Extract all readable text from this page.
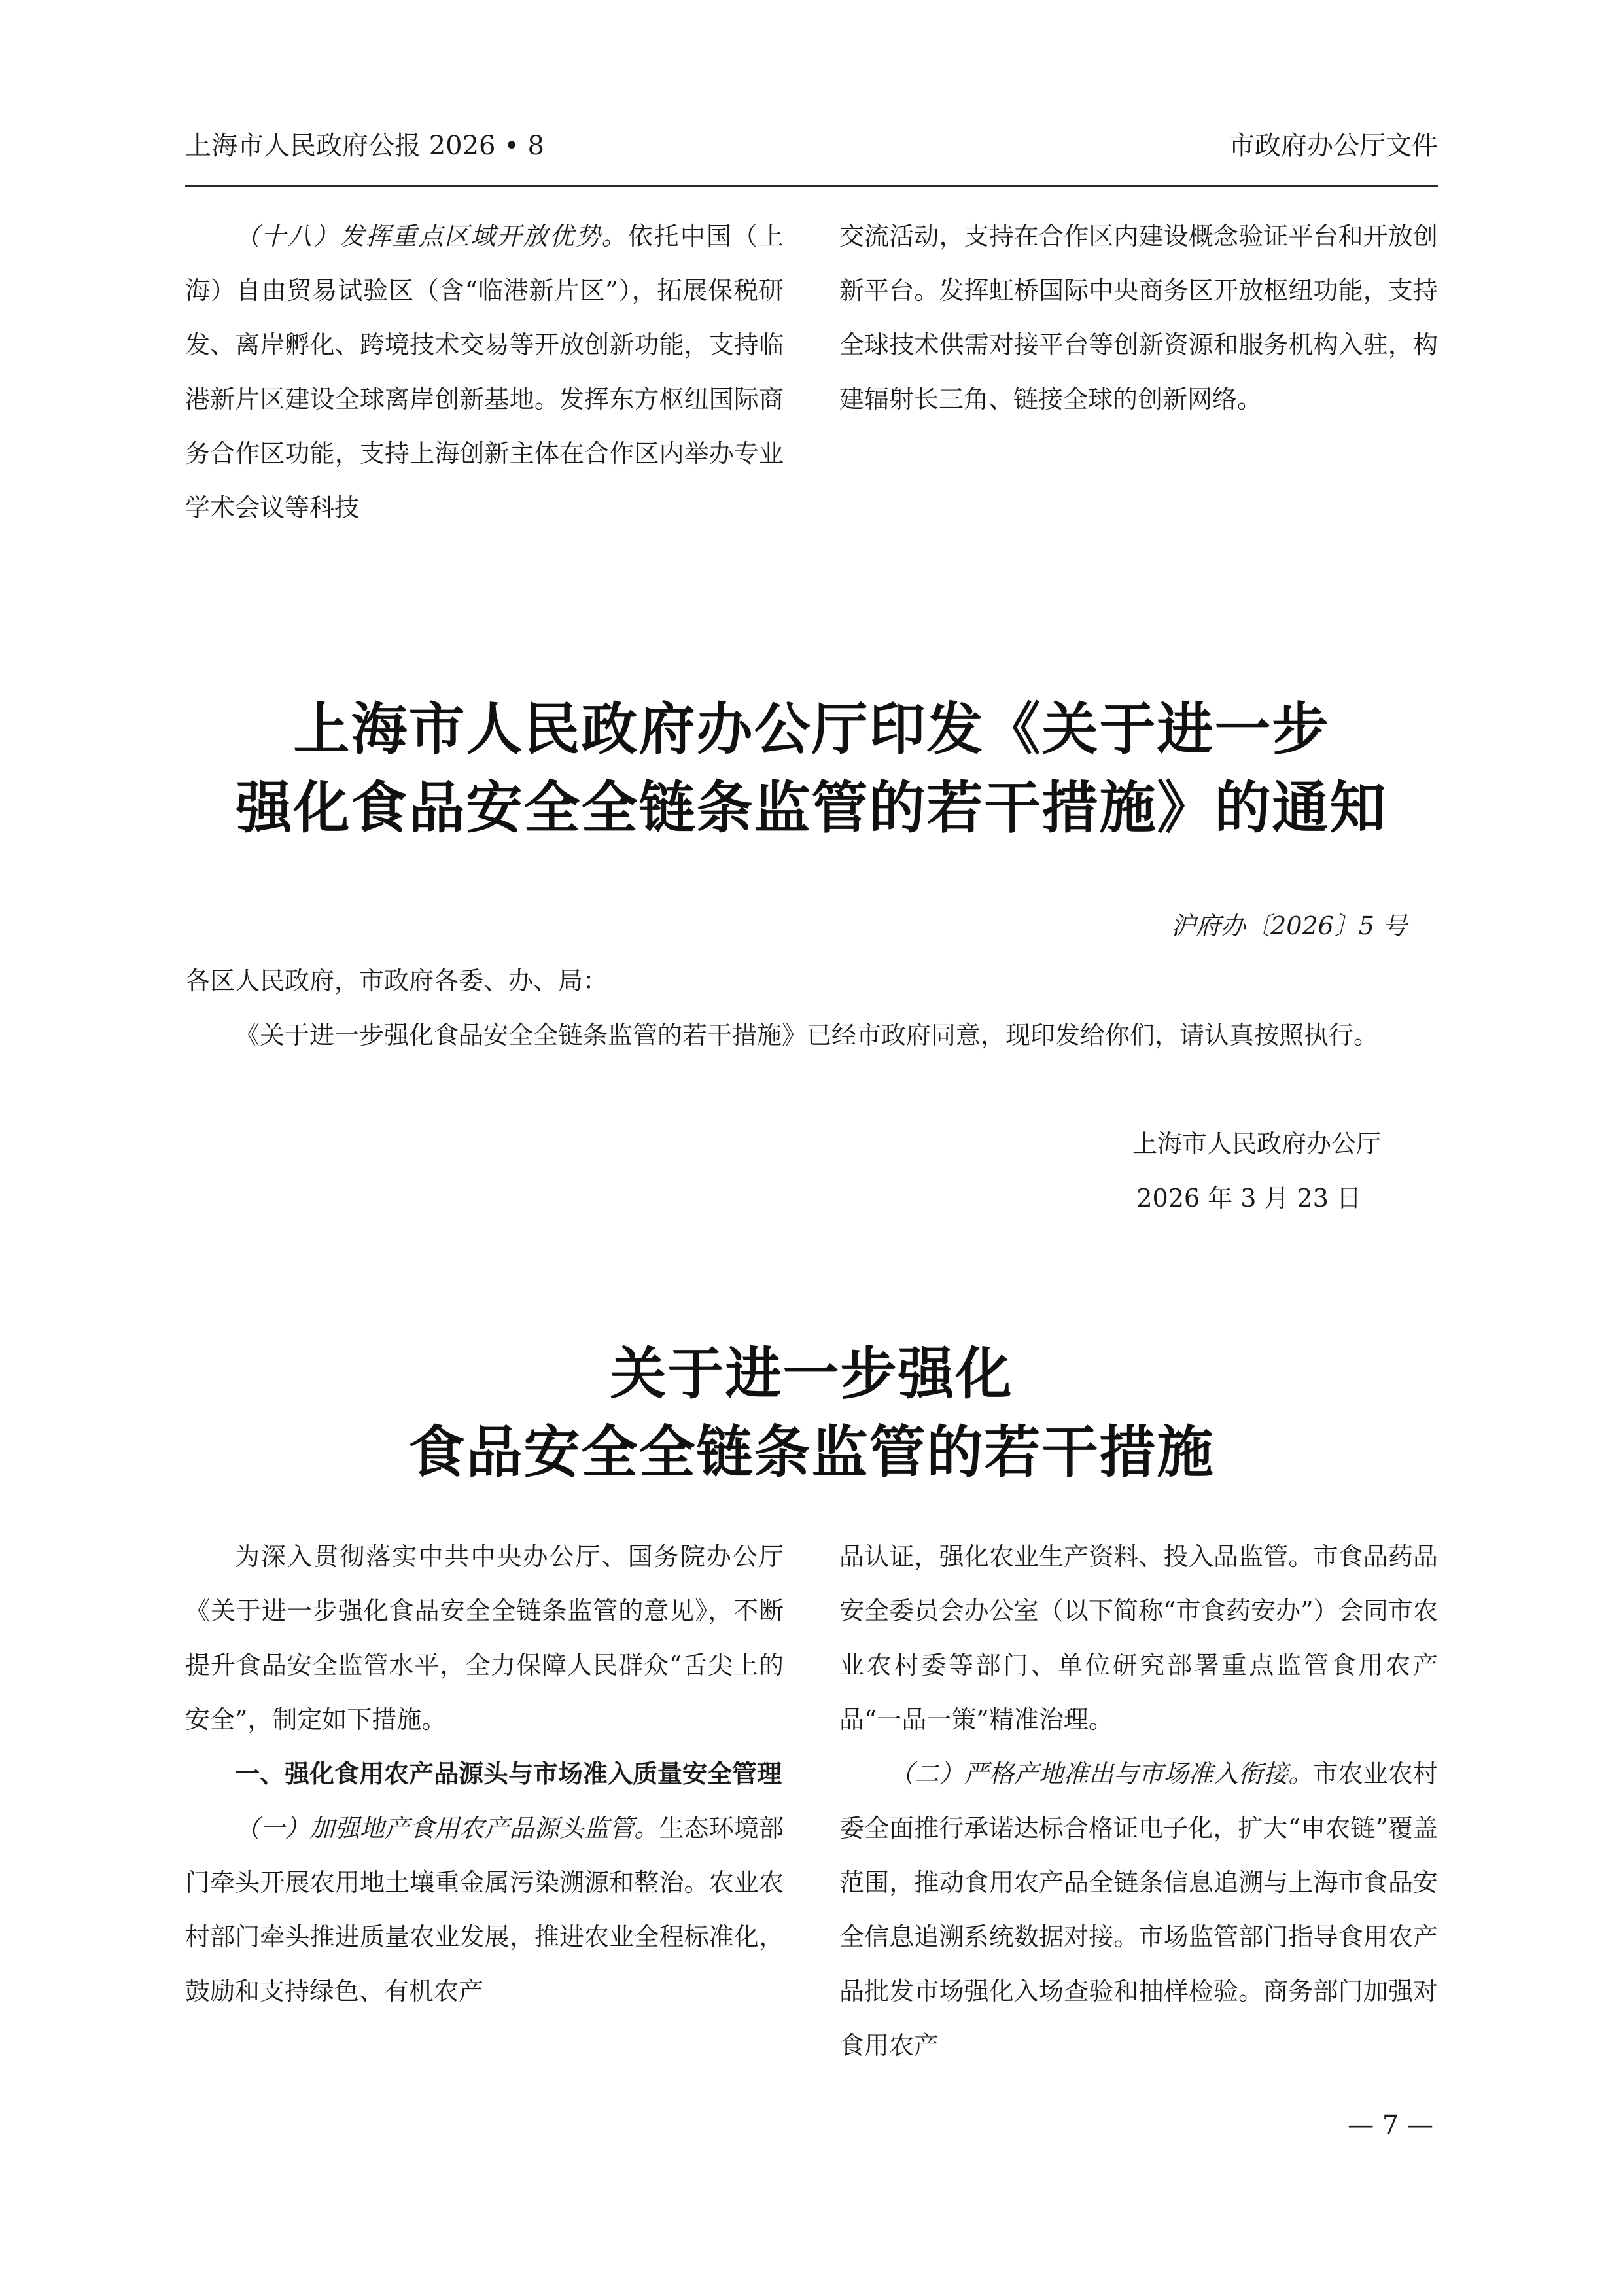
上海市人民政府公报 2026 • 8	市政府办公厅文件

（十八）发挥重点区域开放优势。依托中国（上海）自由贸易试验区（含“临港新片区”），拓展保税研发、离岸孵化、跨境技术交易等开放创新功能，支持临港新片区建设全球离岸创新基地。发挥东方枢纽国际商务合作区功能，支持上海创新主体在合作区内举办专业学术会议等科技

交流活动，支持在合作区内建设概念验证平台和开放创新平台。发挥虹桥国际中央商务区开放枢纽功能，支持全球技术供需对接平台等创新资源和服务机构入驻，构建辐射长三角、链接全球的创新网络。

上海市人民政府办公厅印发《关于进一步
强化食品安全全链条监管的若干措施》的通知
沪府办〔2026〕5 号
各区人民政府，市政府各委、办、局：
《关于进一步强化食品安全全链条监管的若干措施》已经市政府同意，现印发给你们，请认真按照执行。
上海市人民政府办公厅
2026 年 3 月 23 日
关于进一步强化
食品安全全链条监管的若干措施

为深入贯彻落实中共中央办公厅、国务院办公厅《关于进一步强化食品安全全链条监管的意见》，不断提升食品安全监管水平，全力保障人民群众“舌尖上的安全”，制定如下措施。

一、强化食用农产品源头与市场准入质量安全管理

（一）加强地产食用农产品源头监管。生态环境部门牵头开展农用地土壤重金属污染溯源和整治。农业农村部门牵头推进质量农业发展，推进农业全程标准化，鼓励和支持绿色、有机农产

品认证，强化农业生产资料、投入品监管。市食品药品安全委员会办公室（以下简称“市食药安办”）会同市农业农村委等部门、单位研究部署重点监管食用农产品“一品一策”精准治理。

（二）严格产地准出与市场准入衔接。市农业农村委全面推行承诺达标合格证电子化，扩大“申农链”覆盖范围，推动食用农产品全链条信息追溯与上海市食品安全信息追溯系统数据对接。市场监管部门指导食用农产品批发市场强化入场查验和抽样检验。商务部门加强对食用农产

— 7 —
